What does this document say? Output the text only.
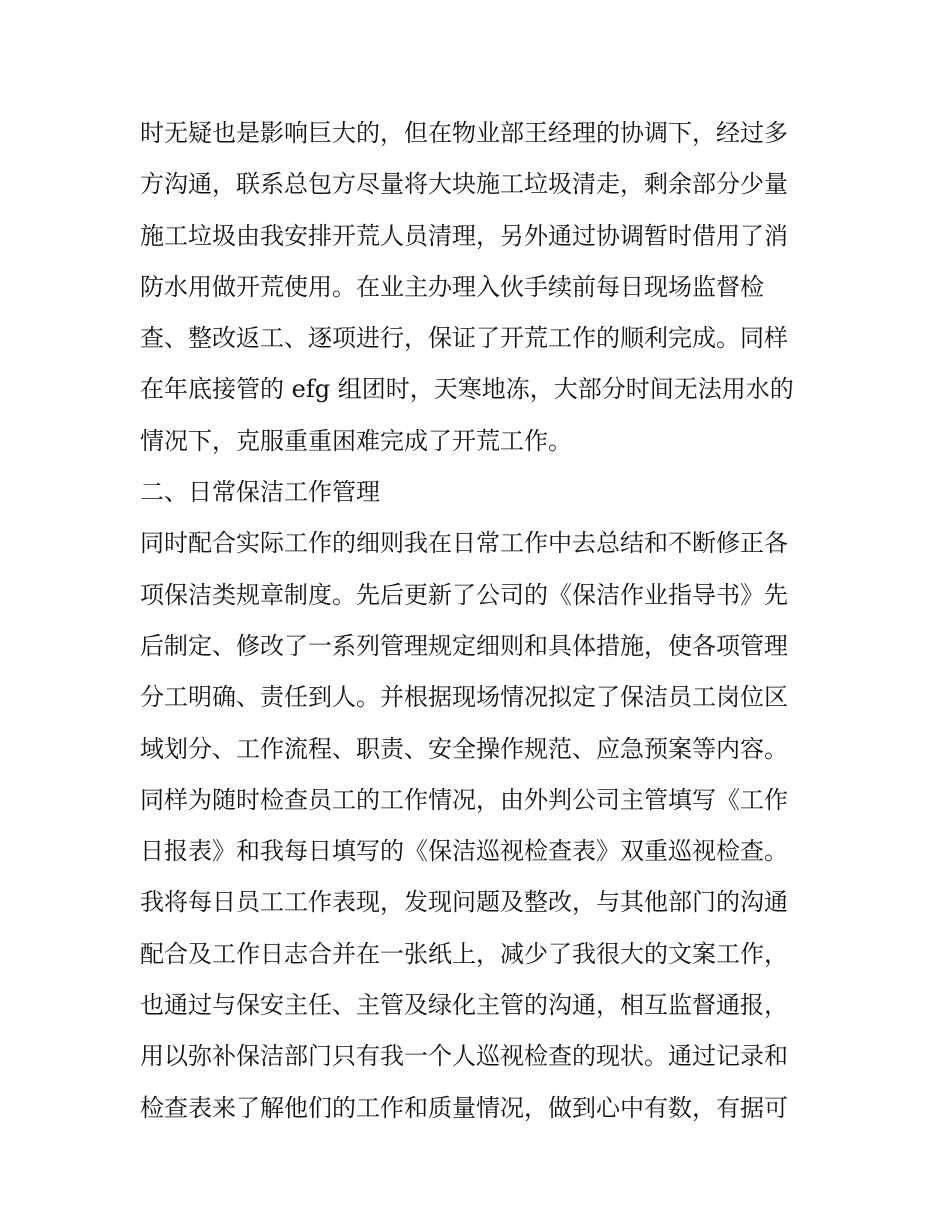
时无疑也是影响巨大的，但在物业部王经理的协调下，经过多
方沟通，联系总包方尽量将大块施工垃圾清走，剩余部分少量
施工垃圾由我安排开荒人员清理，另外通过协调暂时借用了消
防水用做开荒使用。在业主办理入伙手续前每日现场监督检
查、整改返工、逐项进行，保证了开荒工作的顺利完成。同样
在年底接管的 efg 组团时，天寒地冻，大部分时间无法用水的
情况下，克服重重困难完成了开荒工作。
二、日常保洁工作管理
同时配合实际工作的细则我在日常工作中去总结和不断修正各
项保洁类规章制度。先后更新了公司的《保洁作业指导书》先
后制定、修改了一系列管理规定细则和具体措施，使各项管理
分工明确、责任到人。并根据现场情况拟定了保洁员工岗位区
域划分、工作流程、职责、安全操作规范、应急预案等内容。
同样为随时检查员工的工作情况，由外判公司主管填写《工作
日报表》和我每日填写的《保洁巡视检查表》双重巡视检查。
我将每日员工工作表现，发现问题及整改，与其他部门的沟通
配合及工作日志合并在一张纸上，减少了我很大的文案工作，
也通过与保安主任、主管及绿化主管的沟通，相互监督通报，
用以弥补保洁部门只有我一个人巡视检查的现状。通过记录和
检查表来了解他们的工作和质量情况，做到心中有数，有据可
